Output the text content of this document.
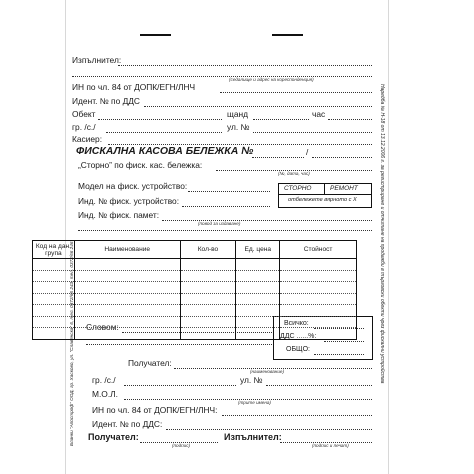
Изпълнител:
(седалище и адрес на кореспонденция)
ИН по чл. 84 от ДОПК/ЕГН/ЛНЧ
Идент. № по ДДС
Обект	щанд	час
гр. /с./	ул. №
Касиер:
ФИСКАЛНА КАСОВА БЕЛЕЖКА №	/
„Сторно” по фиск. кас. бележка:
(№, дата, час)
Модел на фиск. устройство:
Инд. № фиск. устройство:
Инд. № фиск. памет:
СТОРНО	РЕМОНТ
отбележете вярното с Х
(повод за издаване)
Словом:	Всичко:
ДДС ......%:
ОБЩО:
Получател:
(наименование)
гр. /с./	ул. №
М.О.Л.
(трите имена)
ИН по чл. 84 от ДОПК/ЕГН/ЛНЧ:
Идент. № по ДДС:
Получател:
(подпис)
Изпълнител:
(подпис и печат)
Бланки “Апостроф” ООД, гр. Хасково, ул. “Славянска” 6, тел. 0372/66 243, тел. 0372/66 246	Наредба № Н-18 от 13.12.2006 г. за регистриране и отчитане на продажби в търговски обекти чрез фискални устройства
Код на дан. група	Наименование	Кол-во	Ед. цена	Стойност
